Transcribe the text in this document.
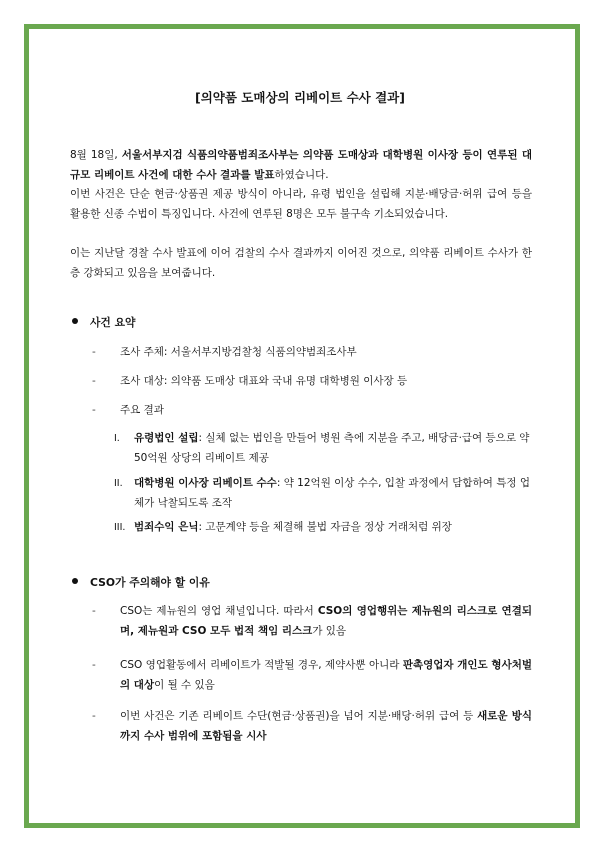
[의약품 도매상의 리베이트 수사 결과]
8월 18일, 서울서부지검 식품의약품범죄조사부는 의약품 도매상과 대학병원 이사장 등이 연루된 대규모 리베이트 사건에 대한 수사 결과를 발표하였습니다.
이번 사건은 단순 현금·상품권 제공 방식이 아니라, 유령 법인을 설립해 지분·배당금·허위 급여 등을 활용한 신종 수법이 특징입니다. 사건에 연루된 8명은 모두 불구속 기소되었습니다.
이는 지난달 경찰 수사 발표에 이어 검찰의 수사 결과까지 이어진 것으로, 의약품 리베이트 수사가 한층 강화되고 있음을 보여줍니다.
사건 요약
- 조사 주체: 서울서부지방검찰청 식품의약범죄조사부
- 조사 대상: 의약품 도매상 대표와 국내 유명 대학병원 이사장 등
- 주요 결과
I. 유령법인 설립: 실체 없는 법인을 만들어 병원 측에 지분을 주고, 배당금·급여 등으로 약 50억원 상당의 리베이트 제공
II. 대학병원 이사장 리베이트 수수: 약 12억원 이상 수수, 입찰 과정에서 담합하여 특정 업체가 낙찰되도록 조작
III. 범죄수익 은닉: 고문계약 등을 체결해 불법 자금을 정상 거래처럼 위장
CSO가 주의해야 할 이유
- CSO는 제뉴원의 영업 채널입니다. 따라서 CSO의 영업행위는 제뉴원의 리스크로 연결되며, 제뉴원과 CSO 모두 법적 책임 리스크가 있음
- CSO 영업활동에서 리베이트가 적발될 경우, 제약사뿐 아니라 판촉영업자 개인도 형사처벌의 대상이 될 수 있음
- 이번 사건은 기존 리베이트 수단(현금·상품권)을 넘어 지분·배당·허위 급여 등 새로운 방식까지 수사 범위에 포함됨을 시사
